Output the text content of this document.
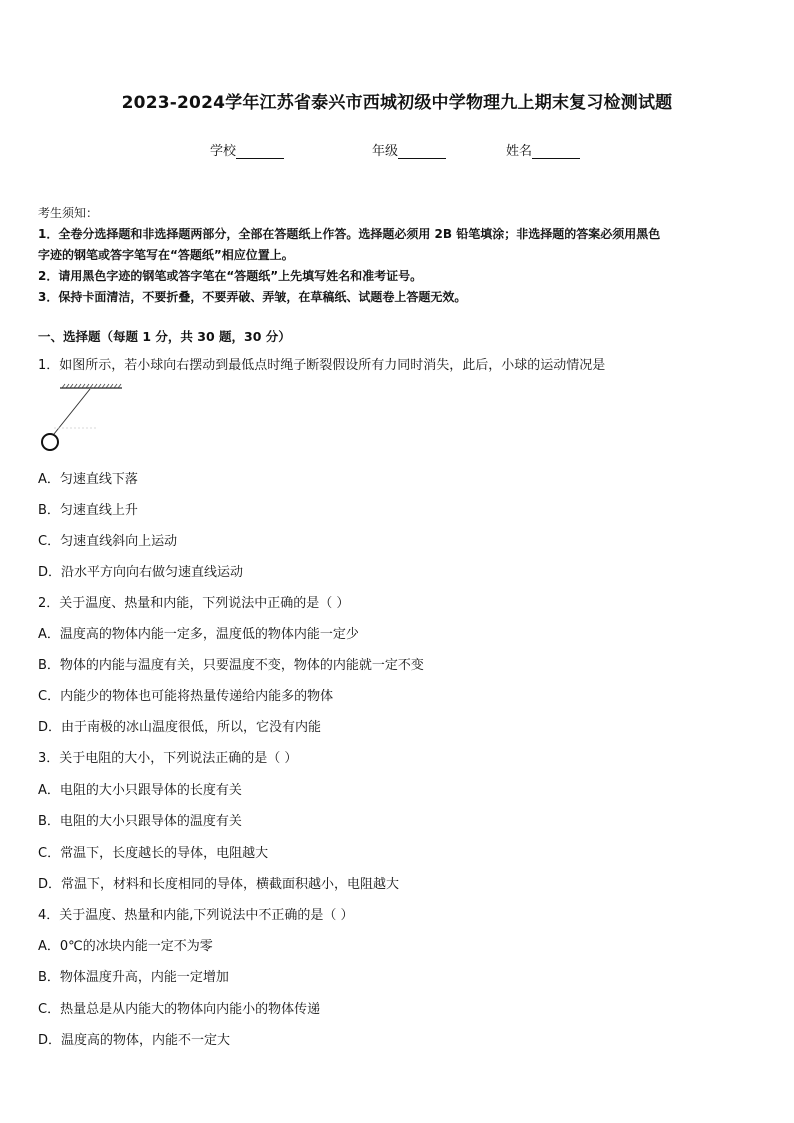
2023-2024学年江苏省泰兴市西城初级中学物理九上期末复习检测试题
学校	年级	姓名
考生须知：
1．全卷分选择题和非选择题两部分，全部在答题纸上作答。选择题必须用 2B 铅笔填涂；非选择题的答案必须用黑色
字迹的钢笔或答字笔写在“答题纸”相应位置上。
2．请用黑色字迹的钢笔或答字笔在“答题纸”上先填写姓名和准考证号。
3．保持卡面清洁，不要折叠，不要弄破、弄皱，在草稿纸、试题卷上答题无效。
一、选择题（每题 1 分，共 30 题，30 分）
1．如图所示，若小球向右摆动到最低点时绳子断裂假设所有力同时消失，此后，小球的运动情况是
A．匀速直线下落
B．匀速直线上升
C．匀速直线斜向上运动
D．沿水平方向向右做匀速直线运动
2．关于温度、热量和内能，下列说法中正确的是（ ）
A．温度高的物体内能一定多，温度低的物体内能一定少
B．物体的内能与温度有关，只要温度不变，物体的内能就一定不变
C．内能少的物体也可能将热量传递给内能多的物体
D．由于南极的冰山温度很低，所以，它没有内能
3．关于电阻的大小，下列说法正确的是（ ）
A．电阻的大小只跟导体的长度有关
B．电阻的大小只跟导体的温度有关
C．常温下，长度越长的导体，电阻越大
D．常温下，材料和长度相同的导体，横截面积越小，电阻越大
4．关于温度、热量和内能,下列说法中不正确的是（ ）
A．0℃的冰块内能一定不为零
B．物体温度升高，内能一定增加
C．热量总是从内能大的物体向内能小的物体传递
D．温度高的物体，内能不一定大
